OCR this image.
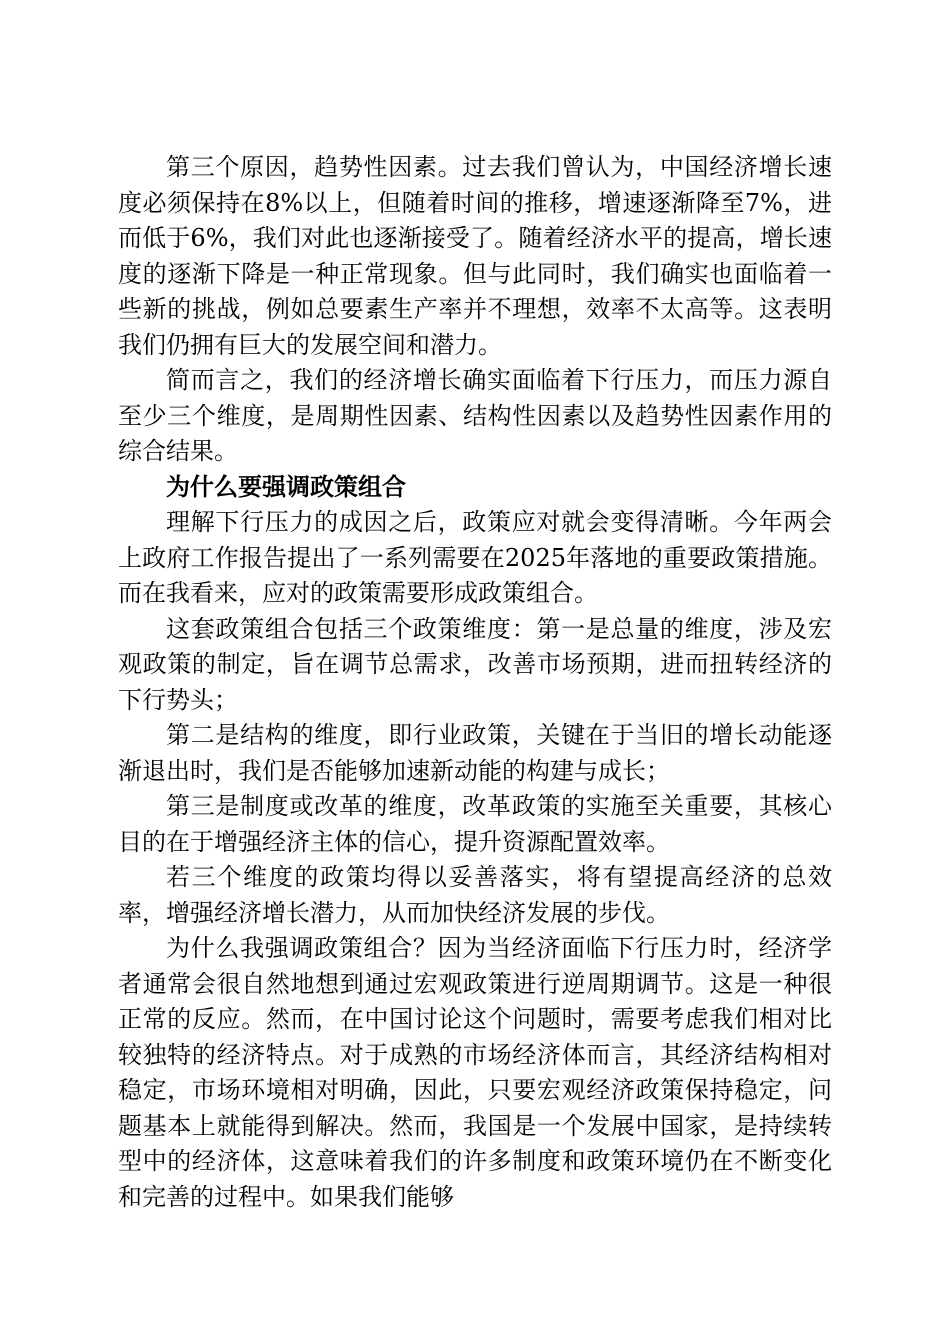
第三个原因，趋势性因素。过去我们曾认为，中国经济增长速度必须保持在8%以上，但随着时间的推移，增速逐渐降至7%，进而低于6%，我们对此也逐渐接受了。随着经济水平的提高，增长速度的逐渐下降是一种正常现象。但与此同时，我们确实也面临着一些新的挑战，例如总要素生产率并不理想，效率不太高等。这表明我们仍拥有巨大的发展空间和潜力。

简而言之，我们的经济增长确实面临着下行压力，而压力源自至少三个维度，是周期性因素、结构性因素以及趋势性因素作用的综合结果。

为什么要强调政策组合

理解下行压力的成因之后，政策应对就会变得清晰。今年两会上政府工作报告提出了一系列需要在2025年落地的重要政策措施。而在我看来，应对的政策需要形成政策组合。

这套政策组合包括三个政策维度：第一是总量的维度，涉及宏观政策的制定，旨在调节总需求，改善市场预期，进而扭转经济的下行势头；

第二是结构的维度，即行业政策，关键在于当旧的增长动能逐渐退出时，我们是否能够加速新动能的构建与成长；

第三是制度或改革的维度，改革政策的实施至关重要，其核心目的在于增强经济主体的信心，提升资源配置效率。

若三个维度的政策均得以妥善落实，将有望提高经济的总效率，增强经济增长潜力，从而加快经济发展的步伐。

为什么我强调政策组合？因为当经济面临下行压力时，经济学者通常会很自然地想到通过宏观政策进行逆周期调节。这是一种很正常的反应。然而，在中国讨论这个问题时，需要考虑我们相对比较独特的经济特点。对于成熟的市场经济体而言，其经济结构相对稳定，市场环境相对明确，因此，只要宏观经济政策保持稳定，问题基本上就能得到解决。然而，我国是一个发展中国家，是持续转型中的经济体，这意味着我们的许多制度和政策环境仍在不断变化和完善的过程中。如果我们能够
